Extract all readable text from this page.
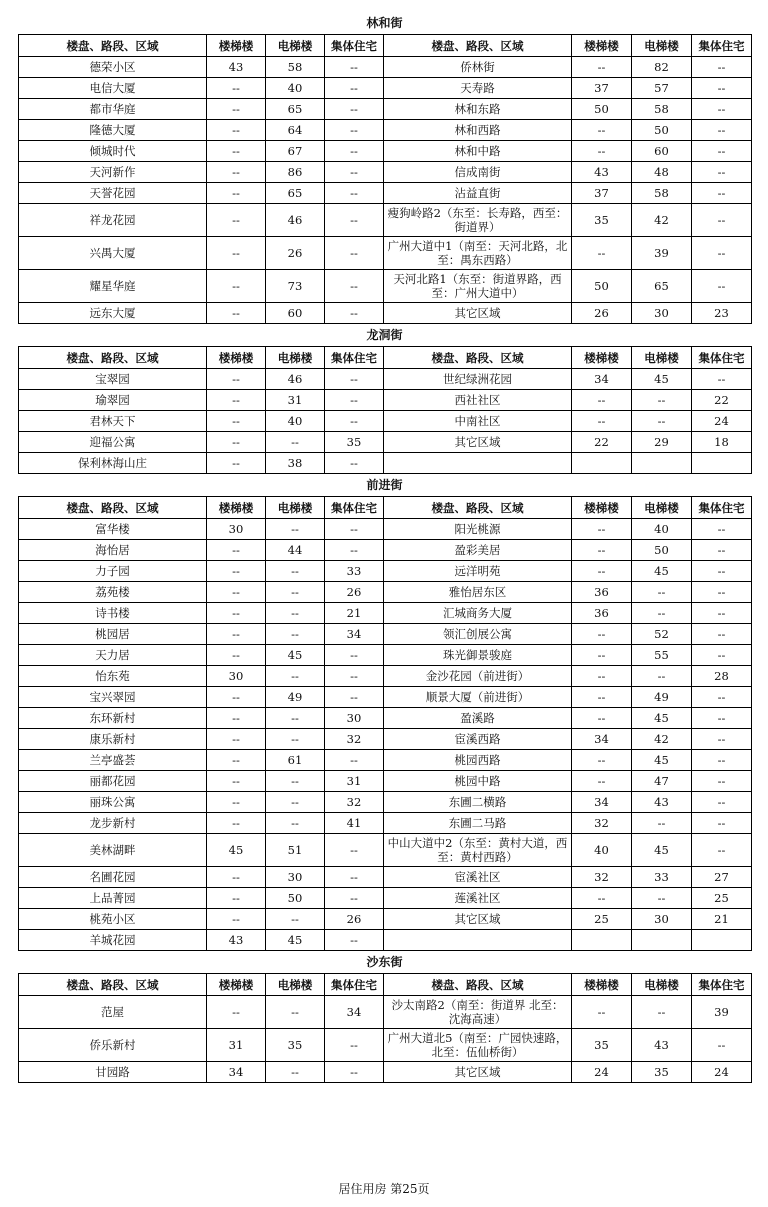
林和街
楼盘、路段、区域	楼梯楼	电梯楼	集体住宅	楼盘、路段、区域	楼梯楼	电梯楼	集体住宅
德荣小区	43	58	--	侨林街	--	82	--
电信大厦	--	40	--	天寿路	37	57	--
都市华庭	--	65	--	林和东路	50	58	--
隆德大厦	--	64	--	林和西路	--	50	--
倾城时代	--	67	--	林和中路	--	60	--
天河新作	--	86	--	信成南街	43	48	--
天誉花园	--	65	--	沾益直街	37	58	--
祥龙花园	--	46	--	瘦狗岭路2（东至：长寿路，西至：街道界）	35	42	--
兴禺大厦	--	26	--	广州大道中1（南至：天河北路，北至：禺东西路）	--	39	--
耀星华庭	--	73	--	天河北路1（东至：街道界路，西至：广州大道中）	50	65	--
远东大厦	--	60	--	其它区域	26	30	23
龙洞街
楼盘、路段、区域	楼梯楼	电梯楼	集体住宅	楼盘、路段、区域	楼梯楼	电梯楼	集体住宅
宝翠园	--	46	--	世纪绿洲花园	34	45	--
瑜翠园	--	31	--	西社社区	--	--	22
君林天下	--	40	--	中南社区	--	--	24
迎福公寓	--	--	35	其它区域	22	29	18
保利林海山庄	--	38	--				
前进街
楼盘、路段、区域	楼梯楼	电梯楼	集体住宅	楼盘、路段、区域	楼梯楼	电梯楼	集体住宅
富华楼	30	--	--	阳光桃源	--	40	--
海怡居	--	44	--	盈彩美居	--	50	--
力子园	--	--	33	远洋明苑	--	45	--
荔苑楼	--	--	26	雅怡居东区	36	--	--
诗书楼	--	--	21	汇城商务大厦	36	--	--
桃园居	--	--	34	领汇创展公寓	--	52	--
天力居	--	45	--	珠光御景骏庭	--	55	--
怡东苑	30	--	--	金沙花园（前进街）	--	--	28
宝兴翠园	--	49	--	顺景大厦（前进街）	--	49	--
东环新村	--	--	30	盈溪路	--	45	--
康乐新村	--	--	32	宦溪西路	34	42	--
兰亭盛荟	--	61	--	桃园西路	--	45	--
丽都花园	--	--	31	桃园中路	--	47	--
丽珠公寓	--	--	32	东圃二横路	34	43	--
龙步新村	--	--	41	东圃二马路	32	--	--
美林湖畔	45	51	--	中山大道中2（东至：黄村大道，西至：黄村西路）	40	45	--
名圃花园	--	30	--	宦溪社区	32	33	27
上品菁园	--	50	--	莲溪社区	--	--	25
桃苑小区	--	--	26	其它区域	25	30	21
羊城花园	43	45	--				
沙东街
楼盘、路段、区域	楼梯楼	电梯楼	集体住宅	楼盘、路段、区域	楼梯楼	电梯楼	集体住宅
范屋	--	--	34	沙太南路2（南至：街道界 北至：沈海高速）	--	--	39
侨乐新村	31	35	--	广州大道北5（南至：广园快速路，北至：伍仙桥街）	35	43	--
甘园路	34	--	--	其它区域	24	35	24
居住用房 第25页
